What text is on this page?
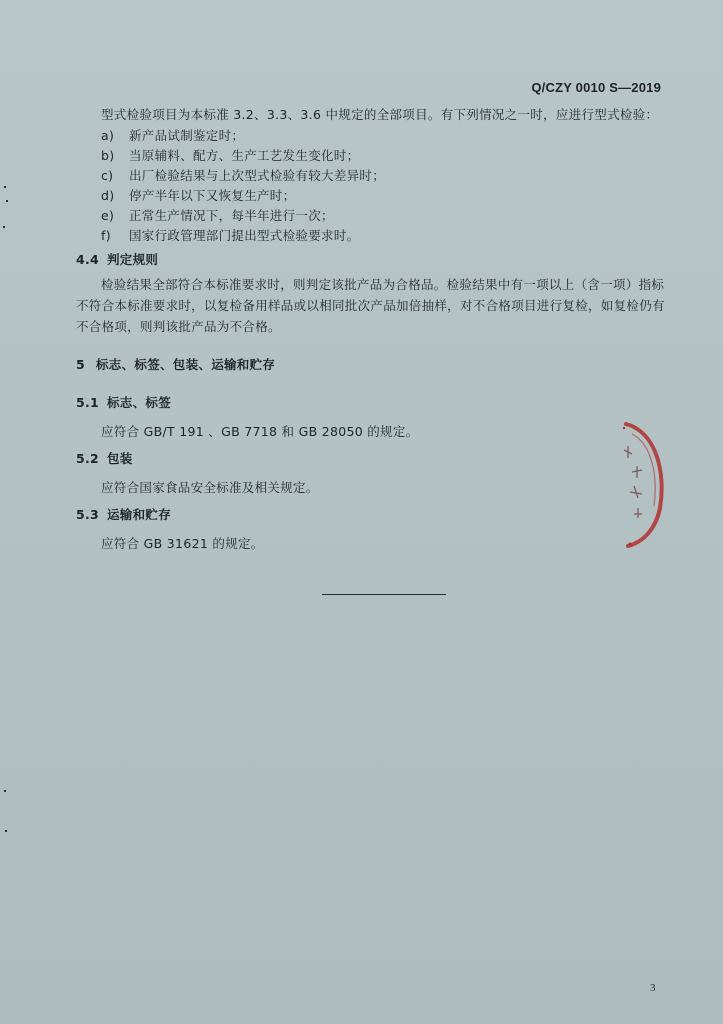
Q/CZY 0010 S—2019
型式检验项目为本标准 3.2、3.3、3.6 中规定的全部项目。有下列情况之一时，应进行型式检验：
a) 新产品试制鉴定时；
b) 当原辅料、配方、生产工艺发生变化时；
c) 出厂检验结果与上次型式检验有较大差异时；
d) 停产半年以下又恢复生产时；
e) 正常生产情况下，每半年进行一次；
f) 国家行政管理部门提出型式检验要求时。
4.4 判定规则
检验结果全部符合本标准要求时，则判定该批产品为合格品。检验结果中有一项以上（含一项）指标不符合本标准要求时，以复检备用样品或以相同批次产品加倍抽样，对不合格项目进行复检，如复检仍有不合格项，则判该批产品为不合格。
5 标志、标签、包装、运输和贮存
5.1 标志、标签
应符合 GB/T 191 、GB 7718 和 GB 28050 的规定。
5.2 包装
应符合国家食品安全标准及相关规定。
5.3 运输和贮存
应符合 GB 31621 的规定。
3
